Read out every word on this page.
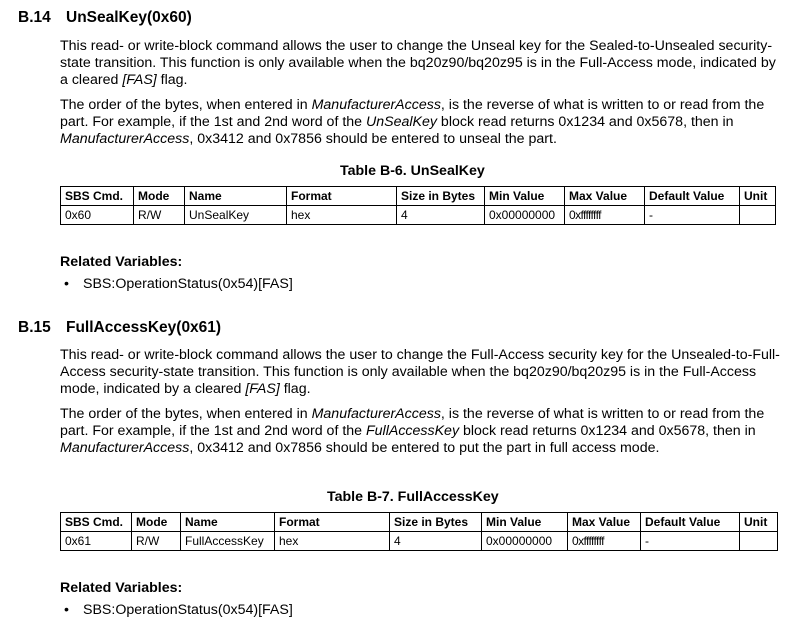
B.14 UnSealKey(0x60)

This read- or write-block command allows the user to change the Unseal key for the Sealed-to-Unsealed security-state transition. This function is only available when the bq20z90/bq20z95 is in the Full-Access mode, indicated by a cleared [FAS] flag.

The order of the bytes, when entered in ManufacturerAccess, is the reverse of what is written to or read from the part. For example, if the 1st and 2nd word of the UnSealKey block read returns 0x1234 and 0x5678, then in ManufacturerAccess, 0x3412 and 0x7856 should be entered to unseal the part.

Table B-6. UnSealKey

SBS Cmd.	Mode	Name	Format	Size in Bytes	Min Value	Max Value	Default Value	Unit
0x60	R/W	UnSealKey	hex	4	0x00000000	0xffffffff	-	

Related Variables:

• SBS:OperationStatus(0x54)[FAS]

B.15 FullAccessKey(0x61)

This read- or write-block command allows the user to change the Full-Access security key for the Unsealed-to-Full-Access security-state transition. This function is only available when the bq20z90/bq20z95 is in the Full-Access mode, indicated by a cleared [FAS] flag.

The order of the bytes, when entered in ManufacturerAccess, is the reverse of what is written to or read from the part. For example, if the 1st and 2nd word of the FullAccessKey block read returns 0x1234 and 0x5678, then in ManufacturerAccess, 0x3412 and 0x7856 should be entered to put the part in full access mode.

Table B-7. FullAccessKey

SBS Cmd.	Mode	Name	Format	Size in Bytes	Min Value	Max Value	Default Value	Unit
0x61	R/W	FullAccessKey	hex	4	0x00000000	0xffffffff	-	

Related Variables:

• SBS:OperationStatus(0x54)[FAS]
